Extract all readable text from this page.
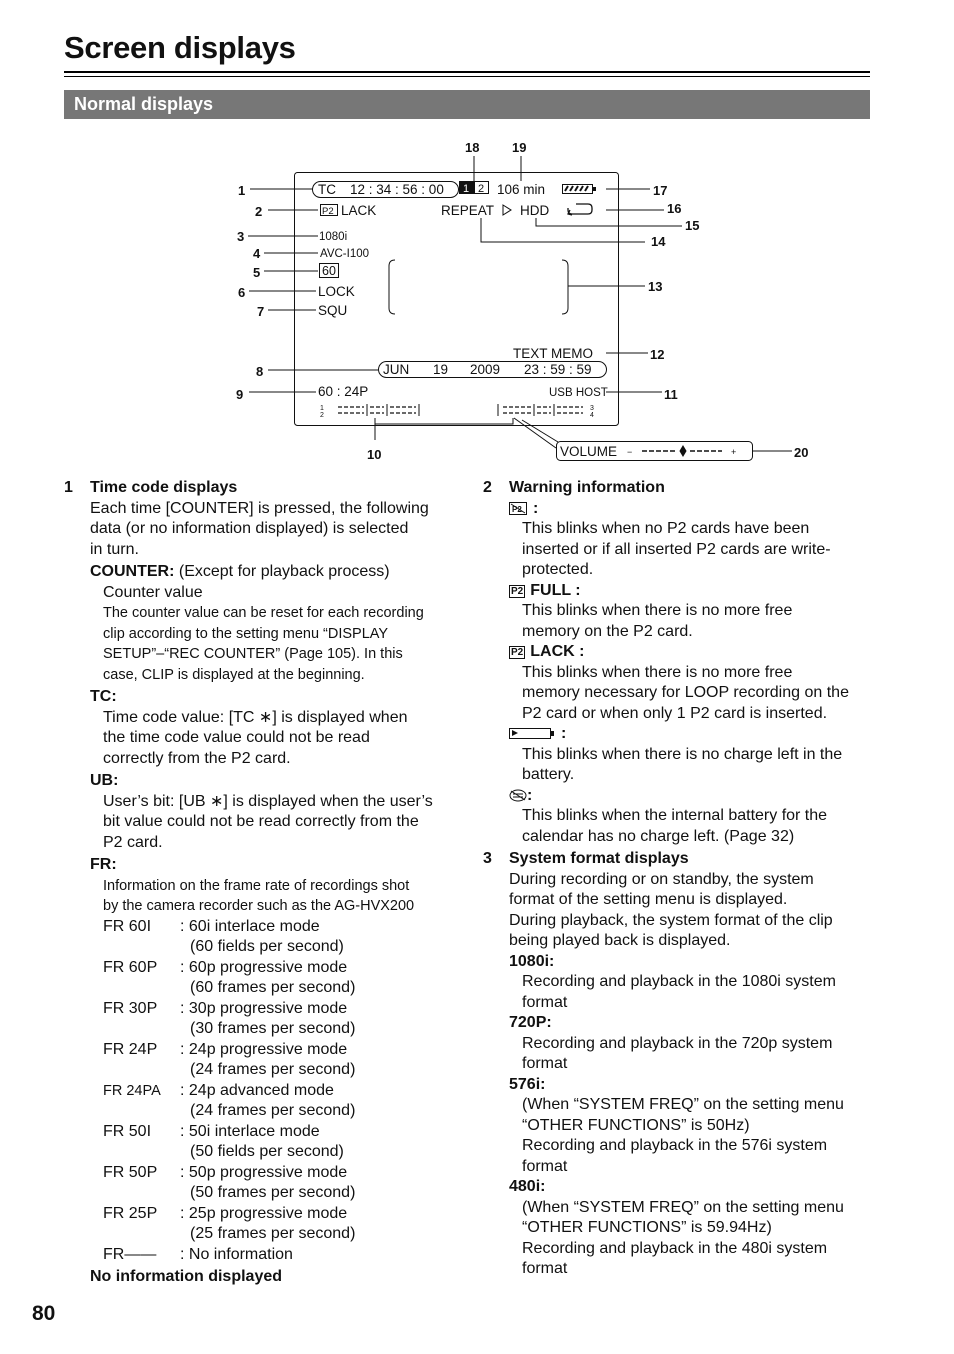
Screen displays
Normal displays
1
2
3
4
5
6
7
8
9
10
11
12
13
14
15
16
17
18	19
20
TC 12 : 34 : 56 : 00 1 2 106 min
P2 LACK	REPEAT HDD
1080i
AVC-I100
60
LOCK
SQU
TEXT MEMO
JUN 19 2009 23 : 59 : 59
60 : 24P	USB HOST
1
2
3
4
VOLUME −	+

1 Time code displays

Each time [COUNTER] is pressed, the following

data (or no information displayed) is selected

in turn.

COUNTER: (Except for playback process)

Counter value

The counter value can be reset for each recording

clip according to the setting menu “DISPLAY

SETUP”–“REC COUNTER” (Page 105). In this

case, CLIP is displayed at the beginning.

TC:

Time code value: [TC ∗] is displayed when

the time code value could not be read

correctly from the P2 card.

UB:

User’s bit: [UB ∗] is displayed when the user’s

bit value could not be read correctly from the

P2 card.

FR:

Information on the frame rate of recordings shot

by the camera recorder such as the AG-HVX200

FR 60I	: 60i interlace mode

(60 fields per second)

FR 60P	: 60p progressive mode

(60 frames per second)

FR 30P	: 30p progressive mode

(30 frames per second)

FR 24P	: 24p progressive mode

(24 frames per second)

FR 24PA	: 24p advanced mode

(24 frames per second)

FR 50I	: 50i interlace mode

(50 fields per second)

FR 50P	: 50p progressive mode

(50 frames per second)

FR 25P	: 25p progressive mode

(25 frames per second)

FR——	: No information

No information displayed

2 Warning information

P2 :

This blinks when no P2 cards have been

inserted or if all inserted P2 cards are write-

protected.

P2 FULL :

This blinks when there is no more free

memory on the P2 card.

P2 LACK :

This blinks when there is no more free

memory necessary for LOOP recording on the

P2 card or when only 1 P2 card is inserted.

:

This blinks when there is no charge left in the

battery.

:

This blinks when the internal battery for the

calendar has no charge left. (Page 32)

3 System format displays

During recording or on standby, the system

format of the setting menu is displayed.

During playback, the system format of the clip

being played back is displayed.

1080i:

Recording and playback in the 1080i system

format

720P:

Recording and playback in the 720p system

format

576i:

(When “SYSTEM FREQ” on the setting menu

“OTHER FUNCTIONS” is 50Hz)

Recording and playback in the 576i system

format

480i:

(When “SYSTEM FREQ” on the setting menu

“OTHER FUNCTIONS” is 59.94Hz)

Recording and playback in the 480i system

format

80
